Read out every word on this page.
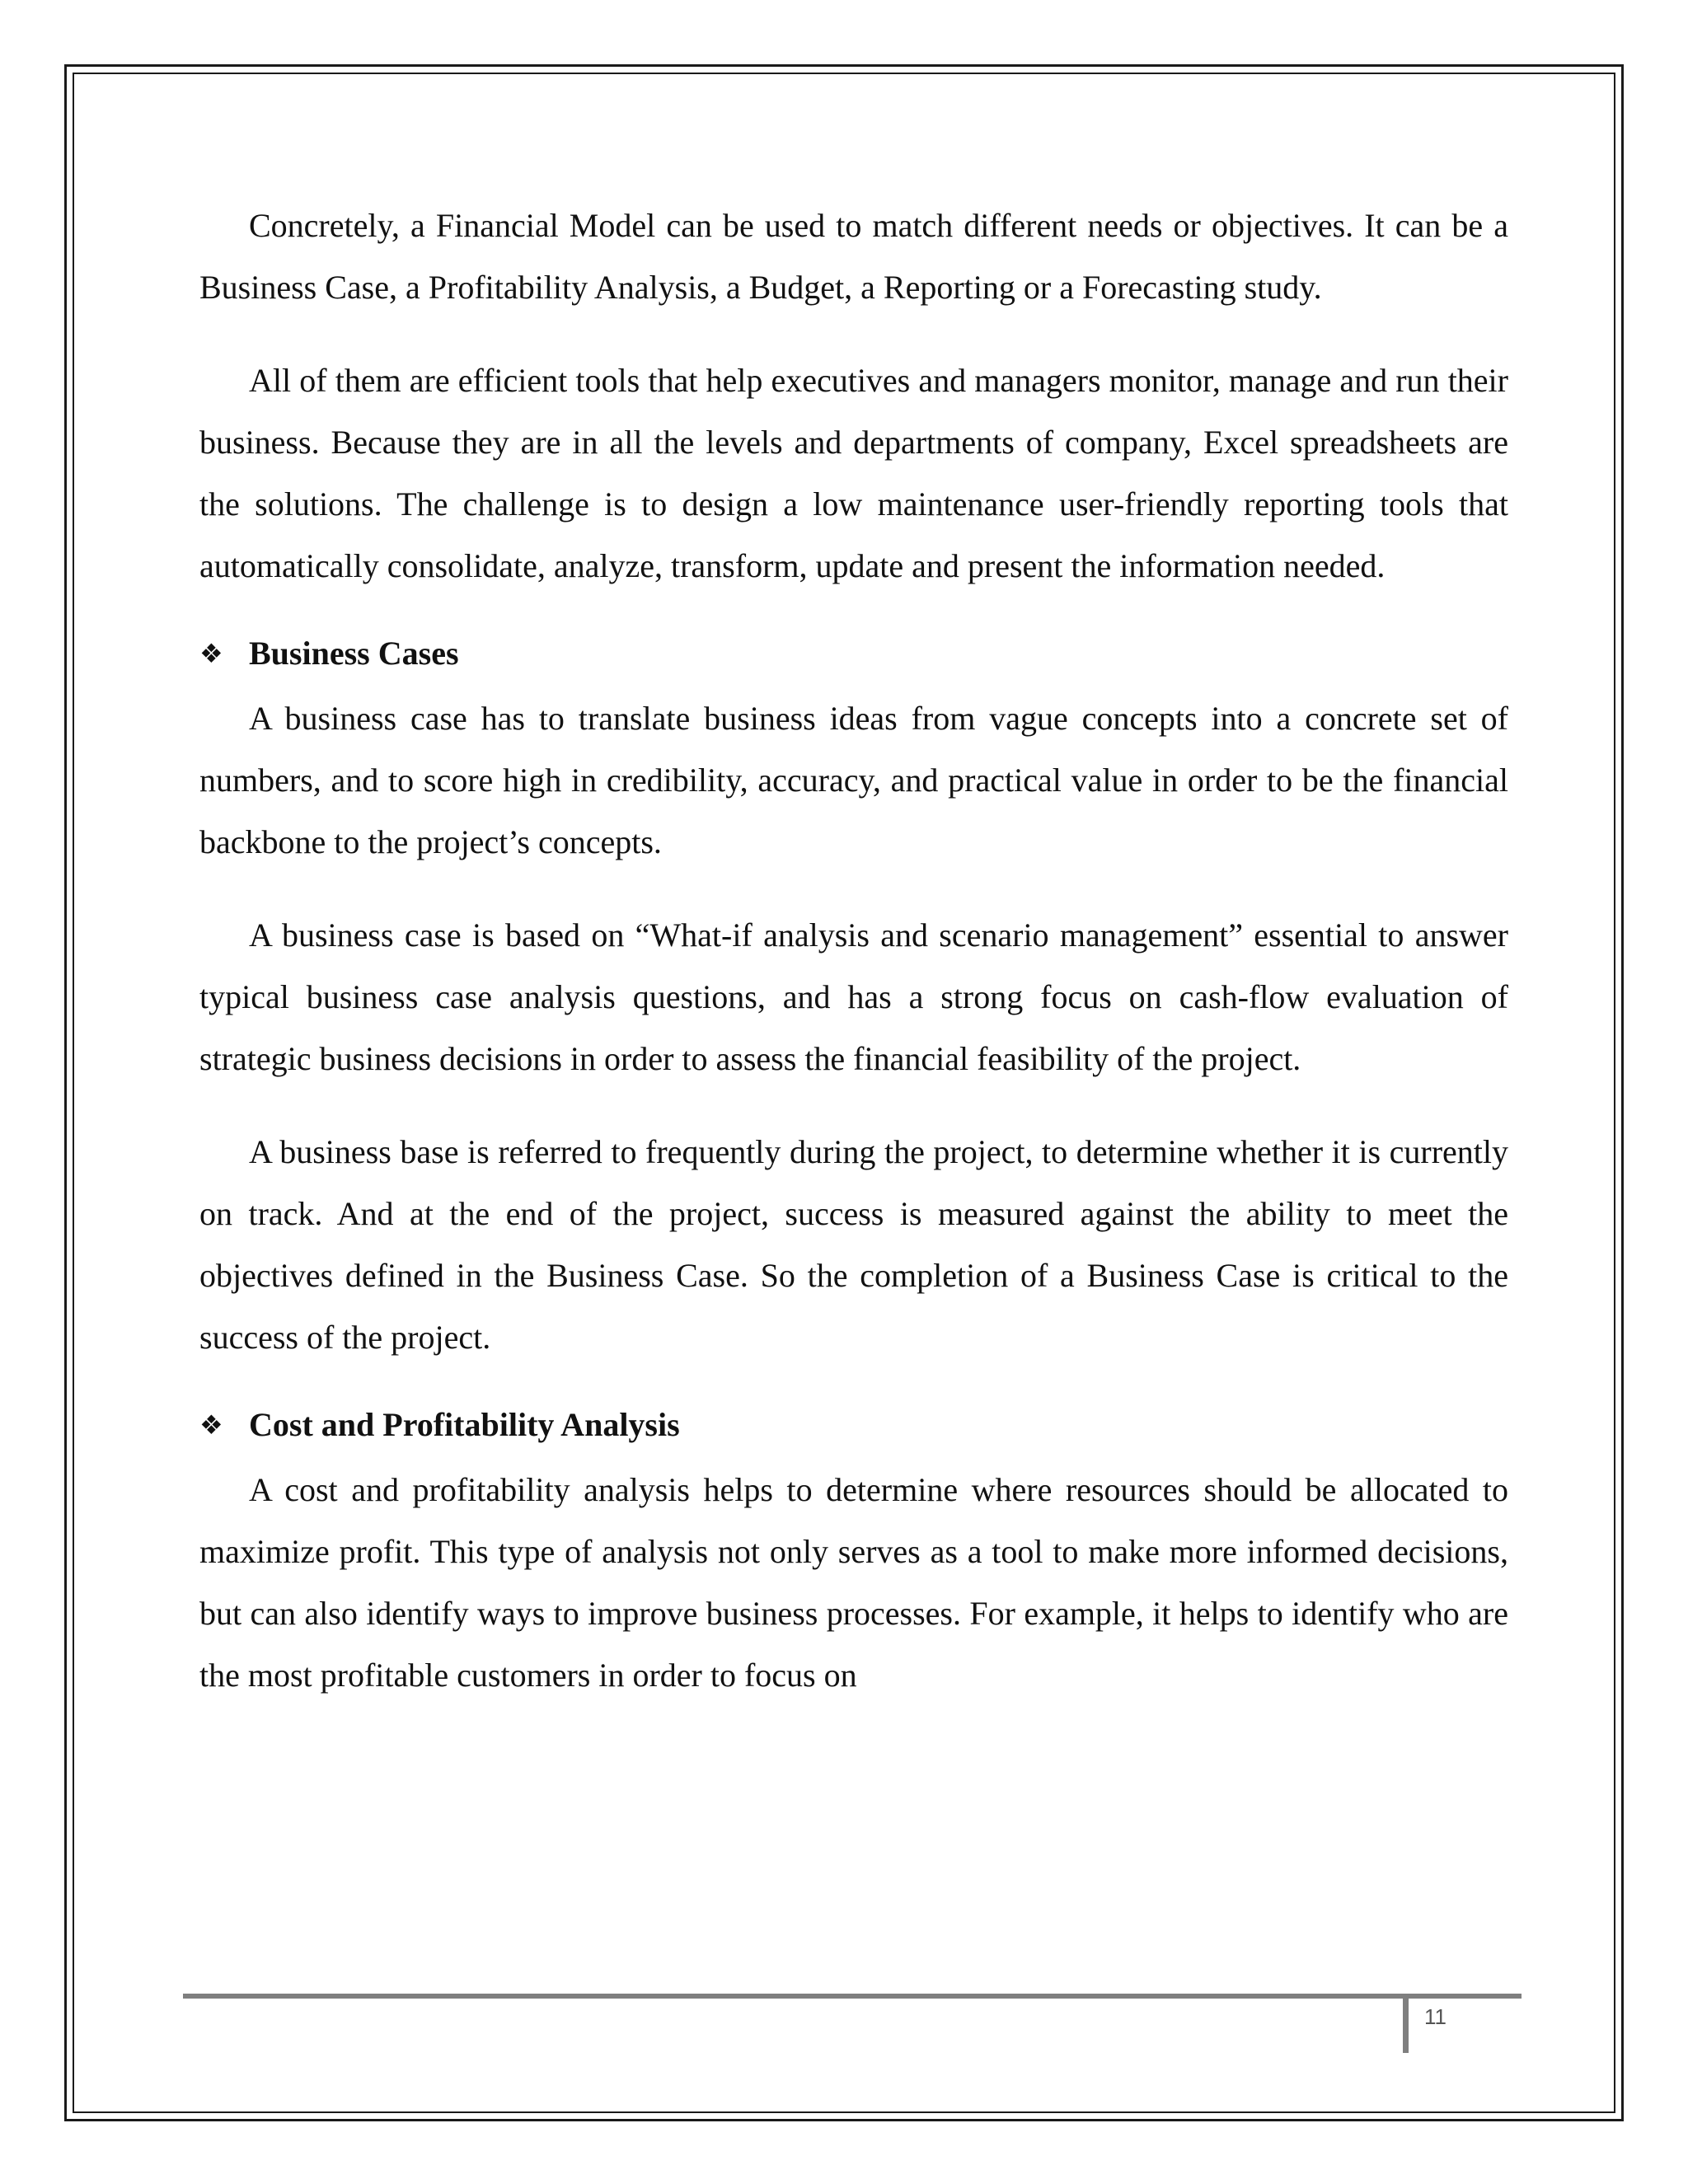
Concretely, a Financial Model can be used to match different needs or objectives. It can be a Business Case, a Profitability Analysis, a Budget, a Reporting or a Forecasting study.

All of them are efficient tools that help executives and managers monitor, manage and run their business. Because they are in all the levels and departments of company, Excel spreadsheets are the solutions. The challenge is to design a low maintenance user-friendly reporting tools that automatically consolidate, analyze, transform, update and present the information needed.

❖ Business Cases

A business case has to translate business ideas from vague concepts into a concrete set of numbers, and to score high in credibility, accuracy, and practical value in order to be the financial backbone to the project’s concepts.

A business case is based on “What-if analysis and scenario management” essential to answer typical business case analysis questions, and has a strong focus on cash-flow evaluation of strategic business decisions in order to assess the financial feasibility of the project.

A business base is referred to frequently during the project, to determine whether it is currently on track. And at the end of the project, success is measured against the ability to meet the objectives defined in the Business Case. So the completion of a Business Case is critical to the success of the project.

❖ Cost and Profitability Analysis

A cost and profitability analysis helps to determine where resources should be allocated to maximize profit. This type of analysis not only serves as a tool to make more informed decisions, but can also identify ways to improve business processes. For example, it helps to identify who are the most profitable customers in order to focus on

11
